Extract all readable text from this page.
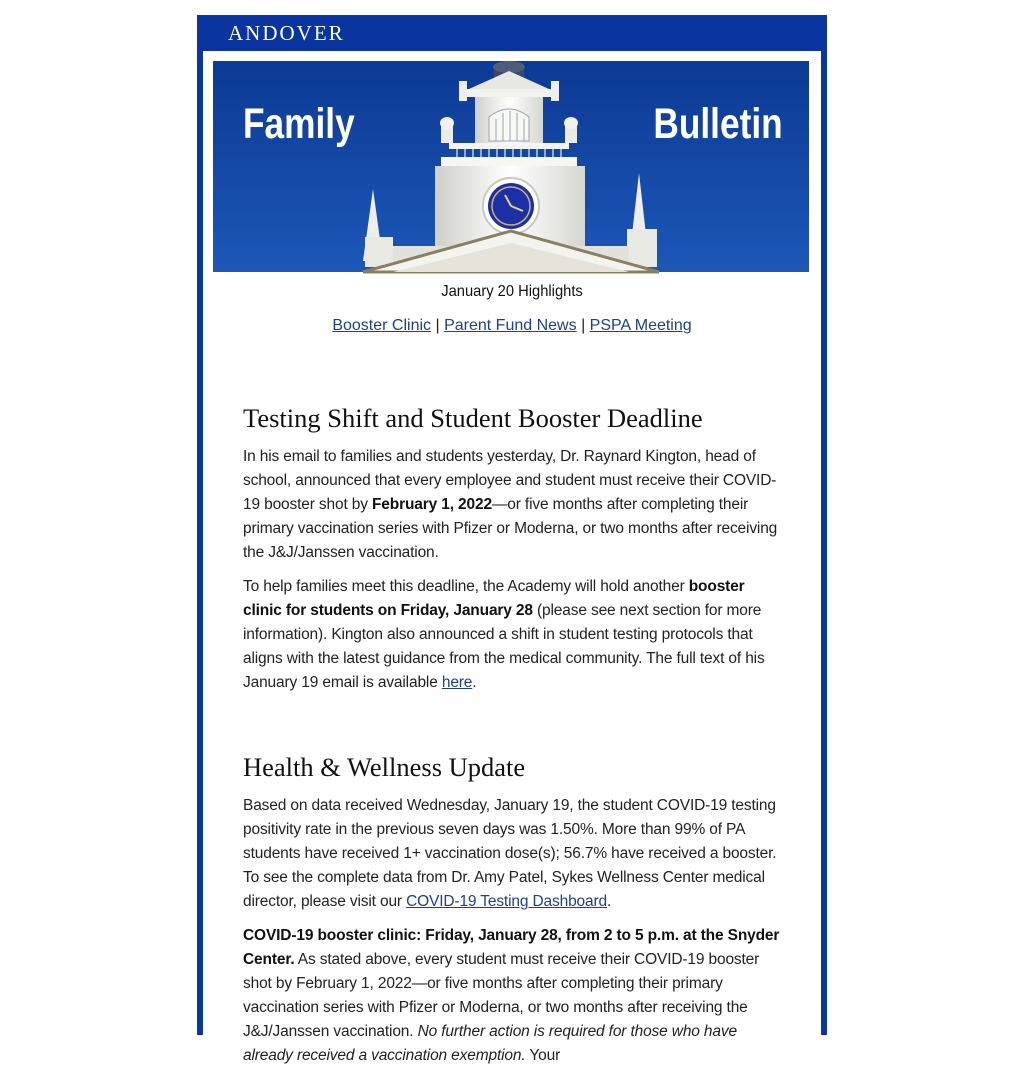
ANDOVER
Family	Bulletin
January 20 Highlights
Booster Clinic | Parent Fund News | PSPA Meeting
Testing Shift and Student Booster Deadline

In his email to families and students yesterday, Dr. Raynard Kington, head of school, announced that every employee and student must receive their COVID-19 booster shot by February 1, 2022—or five months after completing their primary vaccination series with Pfizer or Moderna, or two months after receiving the J&J/Janssen vaccination.

To help families meet this deadline, the Academy will hold another booster clinic for students on Friday, January 28 (please see next section for more information). Kington also announced a shift in student testing protocols that aligns with the latest guidance from the medical community. The full text of his January 19 email is available here.

Health & Wellness Update

Based on data received Wednesday, January 19, the student COVID-19 testing positivity rate in the previous seven days was 1.50%. More than 99% of PA students have received 1+ vaccination dose(s); 56.7% have received a booster. To see the complete data from Dr. Amy Patel, Sykes Wellness Center medical director, please visit our COVID-19 Testing Dashboard.

COVID-19 booster clinic: Friday, January 28, from 2 to 5 p.m. at the Snyder Center. As stated above, every student must receive their COVID-19 booster shot by February 1, 2022—or five months after completing their primary vaccination series with Pfizer or Moderna, or two months after receiving the J&J/Janssen vaccination. No further action is required for those who have already received a vaccination exemption. Your
